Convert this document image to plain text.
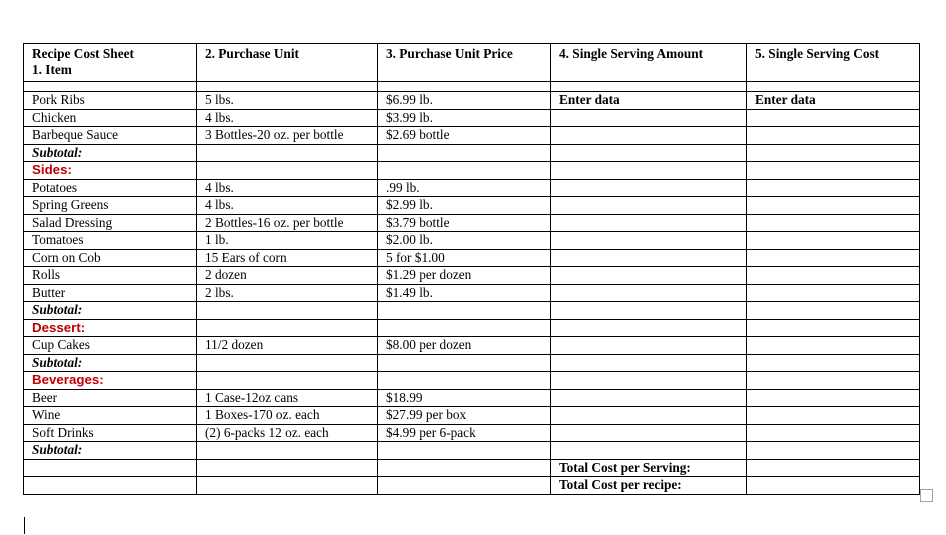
Recipe Cost Sheet
1. Item	2. Purchase Unit	3. Purchase Unit Price	4. Single Serving Amount	5. Single Serving Cost

Pork Ribs	5 lbs.	$6.99 lb.	Enter data	Enter data
Chicken	4 lbs.	$3.99 lb.		
Barbeque Sauce	3 Bottles-20 oz. per bottle	$2.69 bottle		
Subtotal:				
Sides:				
Potatoes	4 lbs.	.99 lb.		
Spring Greens	4 lbs.	$2.99 lb.		
Salad Dressing	2 Bottles-16 oz. per bottle	$3.79 bottle		
Tomatoes	1 lb.	$2.00 lb.		
Corn on Cob	15 Ears of corn	5 for $1.00		
Rolls	2 dozen	$1.29 per dozen		
Butter	2 lbs.	$1.49 lb.		
Subtotal:				
Dessert:				
Cup Cakes	11/2 dozen	$8.00 per dozen		
Subtotal:				
Beverages:				
Beer	1 Case-12oz cans	$18.99		
Wine	1 Boxes-170 oz. each	$27.99 per box		
Soft Drinks	(2) 6-packs 12 oz. each	$4.99 per 6-pack		
Subtotal:				
			Total Cost per Serving:	
			Total Cost per recipe:	
